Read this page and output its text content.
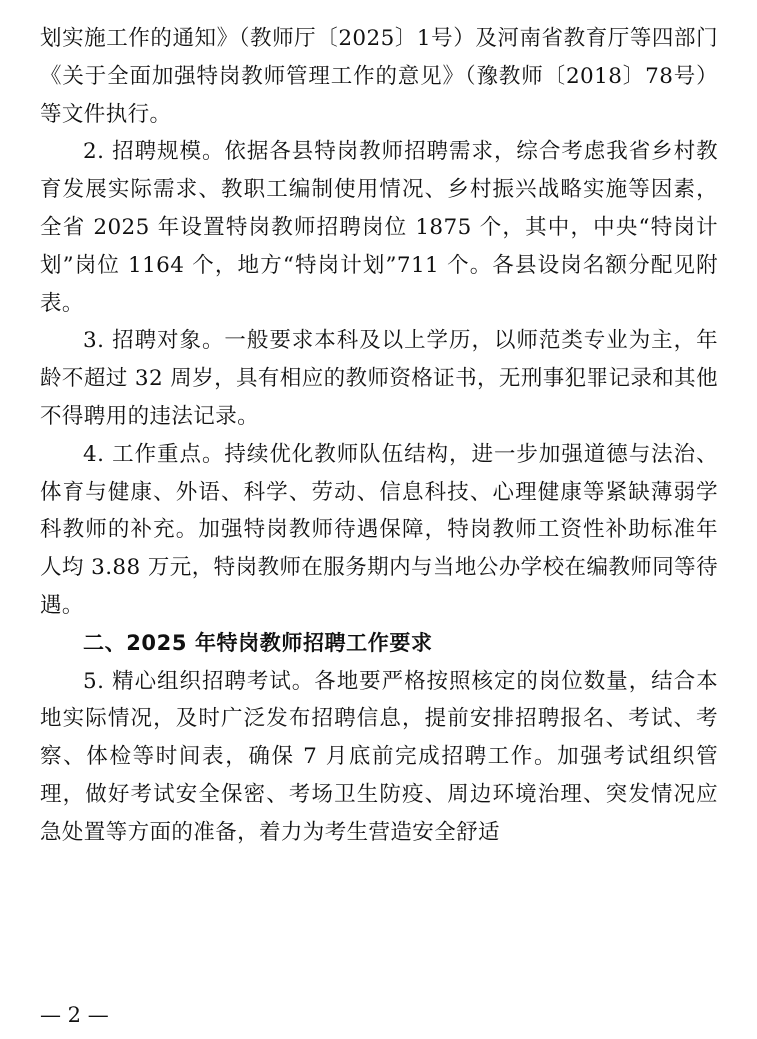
划实施工作的通知》（教师厅〔2025〕1号）及河南省教育厅等四部门《关于全面加强特岗教师管理工作的意见》（豫教师〔2018〕78号）等文件执行。

2. 招聘规模。依据各县特岗教师招聘需求，综合考虑我省乡村教育发展实际需求、教职工编制使用情况、乡村振兴战略实施等因素，全省 2025 年设置特岗教师招聘岗位 1875 个，其中，中央“特岗计划”岗位 1164 个，地方“特岗计划”711 个。各县设岗名额分配见附表。

3. 招聘对象。一般要求本科及以上学历，以师范类专业为主，年龄不超过 32 周岁，具有相应的教师资格证书，无刑事犯罪记录和其他不得聘用的违法记录。

4. 工作重点。持续优化教师队伍结构，进一步加强道德与法治、体育与健康、外语、科学、劳动、信息科技、心理健康等紧缺薄弱学科教师的补充。加强特岗教师待遇保障，特岗教师工资性补助标准年人均 3.88 万元，特岗教师在服务期内与当地公办学校在编教师同等待遇。

二、2025 年特岗教师招聘工作要求

5. 精心组织招聘考试。各地要严格按照核定的岗位数量，结合本地实际情况，及时广泛发布招聘信息，提前安排招聘报名、考试、考察、体检等时间表，确保 7 月底前完成招聘工作。加强考试组织管理，做好考试安全保密、考场卫生防疫、周边环境治理、突发情况应急处置等方面的准备，着力为考生营造安全舒适

— 2 —
